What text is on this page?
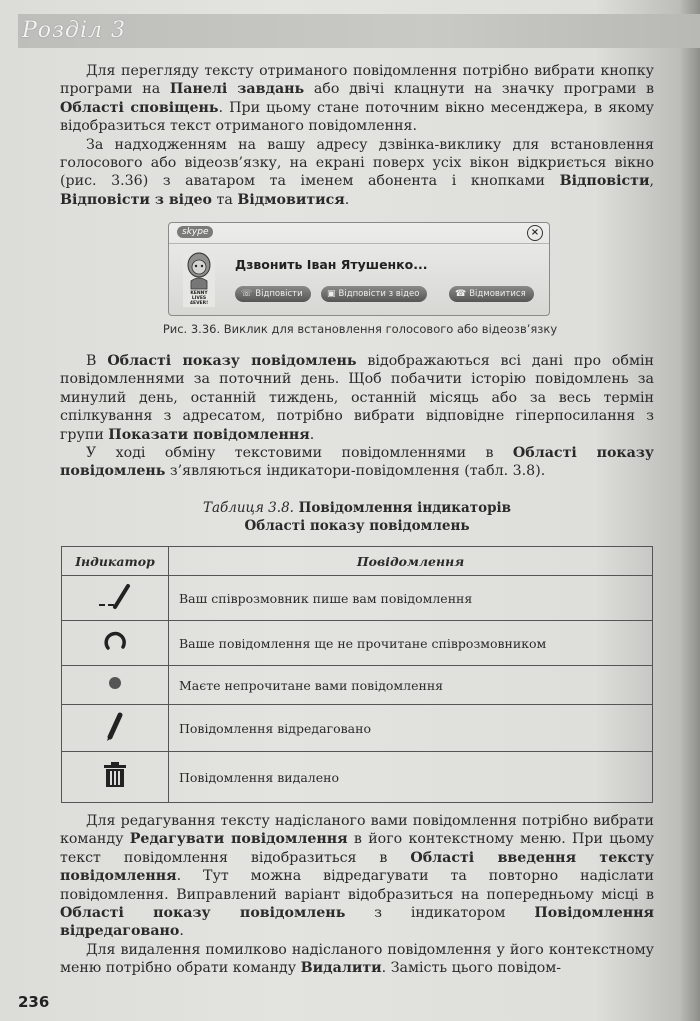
Розділ 3

Для перегляду тексту отриманого повідомлення потрібно вибрати кнопку програми на Панелі завдань або двічі клацнути на значку програми в Області сповіщень. При цьому стане поточним вікно месенджера, в якому відобразиться текст отриманого повідомлення.

За надходженням на вашу адресу дзвінка-виклику для встановлення голосового або відеозв’язку, на екрані поверх усіх вікон відкриється вікно (рис. 3.36) з аватаром та іменем абонента і кнопками Відповісти, Відповісти з відео та Відмовитися.

skype	×
KENNY
LIVES
4EVER!
Дзвонить Іван Ятушенко...
☏ Відповісти	▣ Відповісти з відео	☎ Відмовитися
Рис. 3.36. Виклик для встановлення голосового або відеозв’язку

В Області показу повідомлень відображаються всі дані про обмін повідомленнями за поточний день. Щоб побачити історію повідомлень за минулий день, останній тиждень, останній місяць або за весь термін спілкування з адресатом, потрібно вибрати відповідне гіперпосилання з групи Показати повідомлення.

У ході обміну текстовими повідомленнями в Області показу повідомлень з’являються індикатори-повідомлення (табл. 3.8).

Таблиця 3.8. Повідомлення індикаторів
Області показу повідомлень
Індикатор	Повідомлення
	Ваш співрозмовник пише вам повідомлення
	Ваше повідомлення ще не прочитане співрозмовником
	Маєте непрочитане вами повідомлення
	Повідомлення відредаговано
	Повідомлення видалено

Для редагування тексту надісланого вами повідомлення потрібно вибрати команду Редагувати повідомлення в його контекстному меню. При цьому текст повідомлення відобразиться в Області введення тексту повідомлення. Тут можна відредагувати та повторно надіслати повідомлення. Виправлений варіант відобразиться на попередньому місці в Області показу повідомлень з індикатором Повідомлення відредаговано.

Для видалення помилково надісланого повідомлення у його контекстному меню потрібно обрати команду Видалити. Замість цього повідом-

236
